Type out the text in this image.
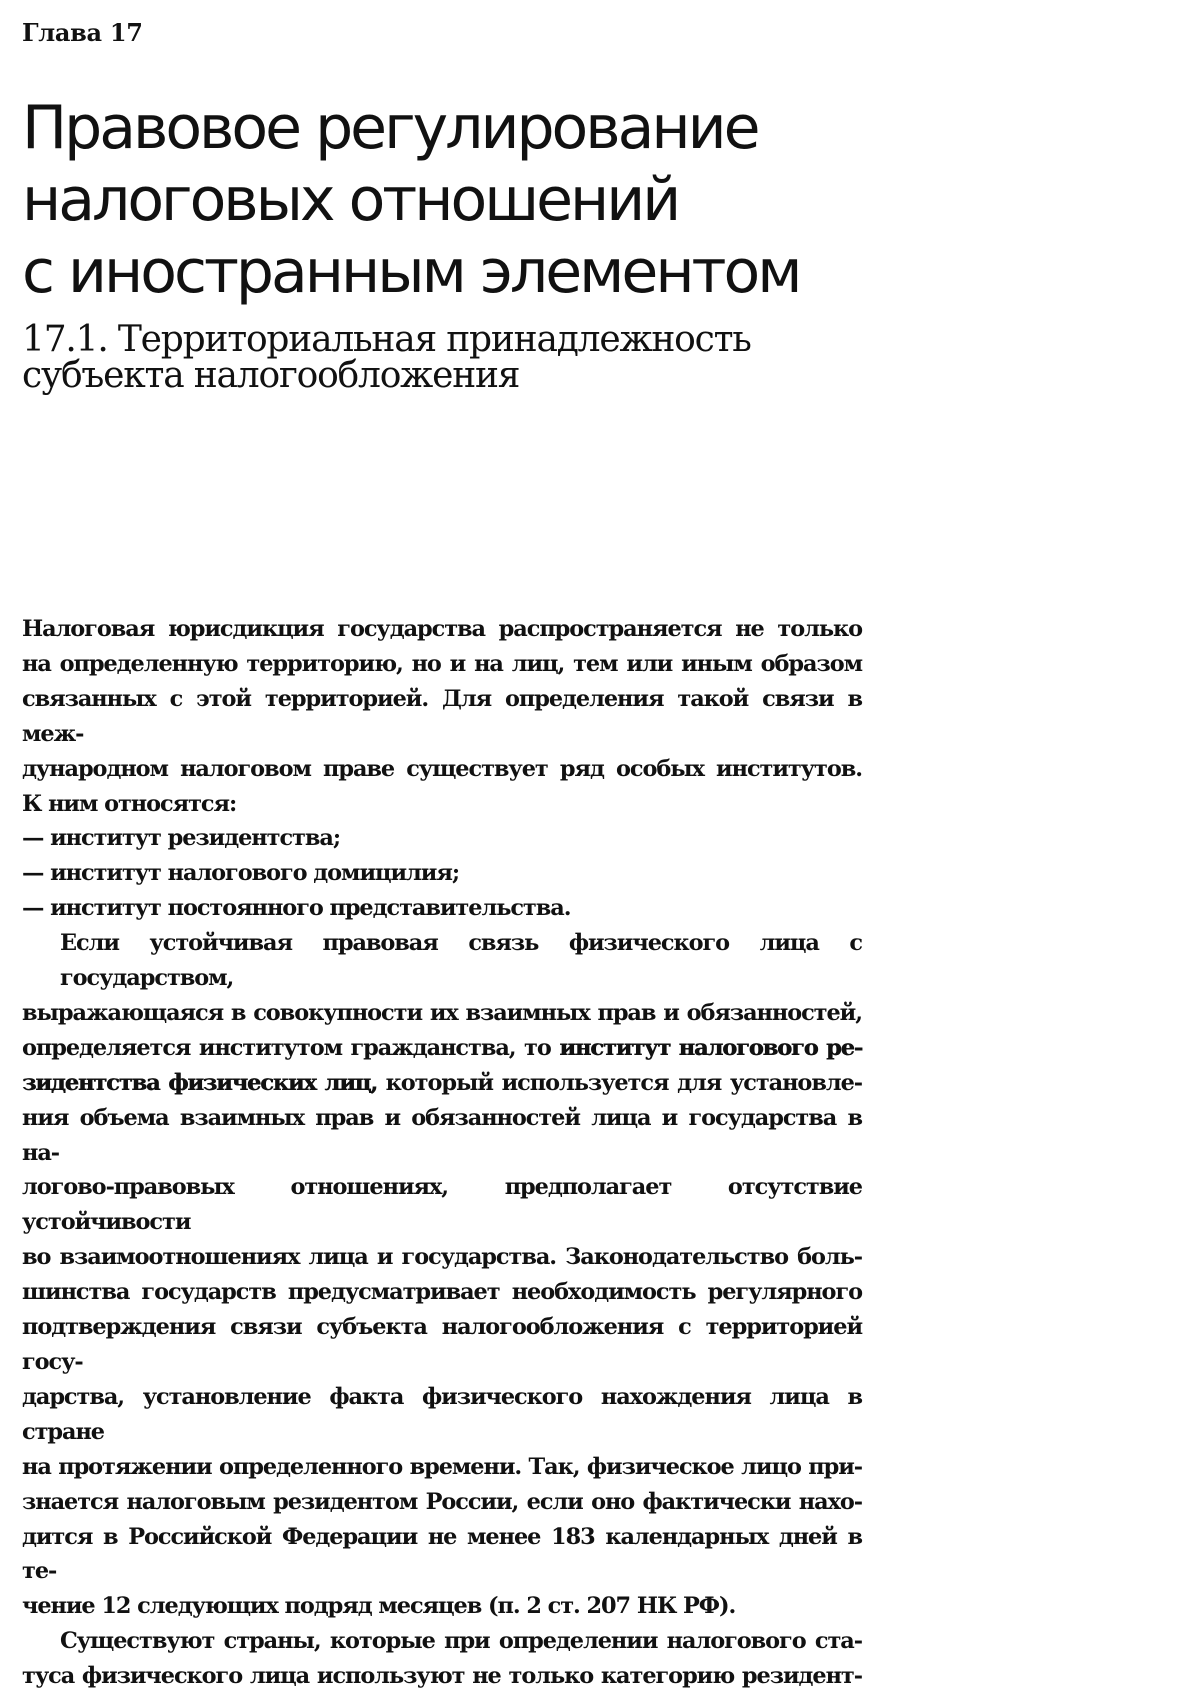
Глава 17
Правовое регулирование
налоговых отношений
с иностранным элементом
17.1. Территориальная принадлежность
субъекта налогообложения
Налоговая юрисдикция государства распространяется не только
на определенную территорию, но и на лиц, тем или иным образом
связанных с этой территорией. Для определения такой связи в меж-
дународном налоговом праве существует ряд особых институтов.
К ним относятся:
— институт резидентства;
— институт налогового домицилия;
— институт постоянного представительства.
Если устойчивая правовая связь физического лица с государством,
выражающаяся в совокупности их взаимных прав и обязанностей,
определяется институтом гражданства, то институт налогового ре-
зидентства физических лиц, который используется для установле-
ния объема взаимных прав и обязанностей лица и государства в на-
логово-правовых отношениях, предполагает отсутствие устойчивости
во взаимоотношениях лица и государства. Законодательство боль-
шинства государств предусматривает необходимость регулярного
подтверждения связи субъекта налогообложения с территорией госу-
дарства, установление факта физического нахождения лица в стране
на протяжении определенного времени. Так, физическое лицо при-
знается налоговым резидентом России, если оно фактически нахо-
дится в Российской Федерации не менее 183 календарных дней в те-
чение 12 следующих подряд месяцев (п. 2 ст. 207 НК РФ).
Существуют страны, которые при определении налогового ста-
туса физического лица используют не только категорию резидент-
